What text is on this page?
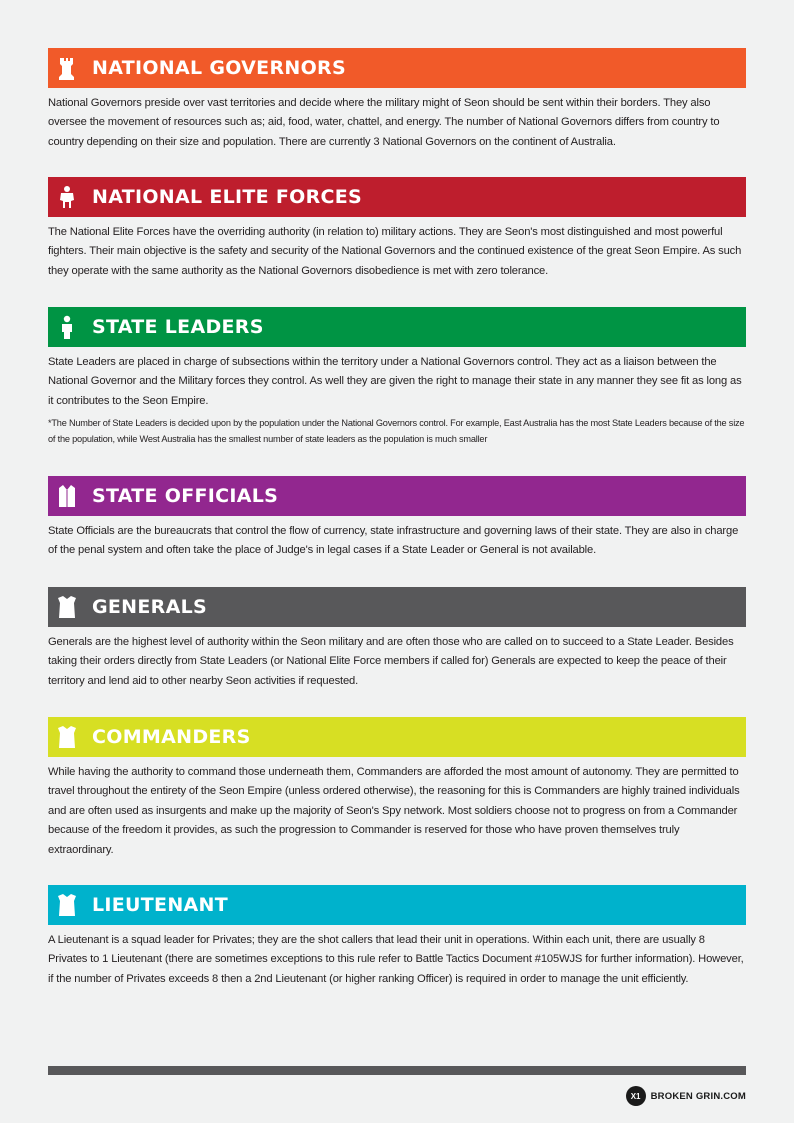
NATIONAL GOVERNORS

National Governors preside over vast territories and decide where the military might of Seon should be sent within their borders. They also oversee the movement of resources such as; aid, food, water, chattel, and energy. The number of National Governors differs from country to country depending on their size and population. There are currently 3 National Governors on the continent of Australia.

NATIONAL ELITE FORCES

The National Elite Forces have the overriding authority (in relation to) military actions. They are Seon's most distinguished and most powerful fighters. Their main objective is the safety and security of the National Governors and the continued existence of the great Seon Empire. As such they operate with the same authority as the National Governors disobedience is met with zero tolerance.

STATE LEADERS

State Leaders are placed in charge of subsections within the territory under a National Governors control. They act as a liaison between the National Governor and the Military forces they control. As well they are given the right to manage their state in any manner they see fit as long as it contributes to the Seon Empire.

*The Number of State Leaders is decided upon by the population under the National Governors control. For example, East Australia has the most State Leaders because of the size of the population, while West Australia has the smallest number of state leaders as the population is much smaller

STATE OFFICIALS

State Officials are the bureaucrats that control the flow of currency, state infrastructure and governing laws of their state. They are also in charge of the penal system and often take the place of Judge's in legal cases if a State Leader or General is not available.

GENERALS

Generals are the highest level of authority within the Seon military and are often those who are called on to succeed to a State Leader. Besides taking their orders directly from State Leaders (or National Elite Force members if called for) Generals are expected to keep the peace of their territory and lend aid to other nearby Seon activities if requested.

COMMANDERS

While having the authority to command those underneath them, Commanders are afforded the most amount of autonomy. They are permitted to travel throughout the entirety of the Seon Empire (unless ordered otherwise), the reasoning for this is Commanders are highly trained individuals and are often used as insurgents and make up the majority of Seon's Spy network. Most soldiers choose not to progress on from a Commander because of the freedom it provides, as such the progression to Commander is reserved for those who have proven themselves truly extraordinary.

LIEUTENANT

A Lieutenant is a squad leader for Privates; they are the shot callers that lead their unit in operations. Within each unit, there are usually 8 Privates to 1 Lieutenant (there are sometimes exceptions to this rule refer to Battle Tactics Document #105WJS for further information). However, if the number of Privates exceeds 8 then a 2nd Lieutenant (or higher ranking Officer) is required in order to manage the unit efficiently.

X1	BROKEN GRIN.COM
